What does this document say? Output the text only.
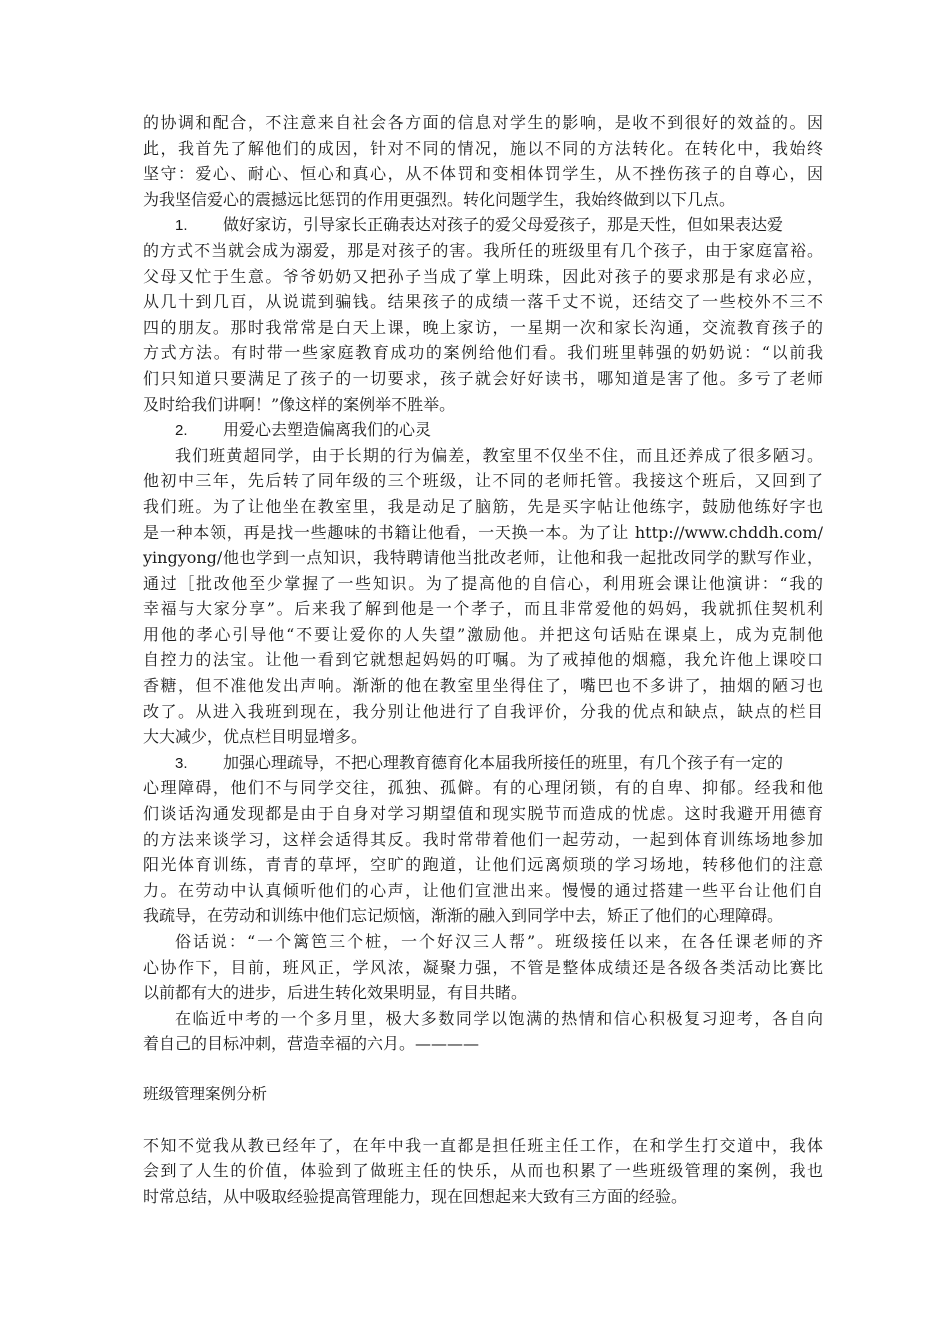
的协调和配合，不注意来自社会各方面的信息对学生的影响，是收不到很好的效益的。因
此，我首先了解他们的成因，针对不同的情况，施以不同的方法转化。在转化中，我始终
坚守：爱心、耐心、恒心和真心，从不体罚和变相体罚学生，从不挫伤孩子的自尊心，因
为我坚信爱心的震撼远比惩罚的作用更强烈。转化问题学生，我始终做到以下几点。
1. 做好家访，引导家长正确表达对孩子的爱父母爱孩子，那是天性，但如果表达爱
的方式不当就会成为溺爱，那是对孩子的害。我所任的班级里有几个孩子，由于家庭富裕。
父母又忙于生意。爷爷奶奶又把孙子当成了掌上明珠，因此对孩子的要求那是有求必应，
从几十到几百，从说谎到骗钱。结果孩子的成绩一落千丈不说，还结交了一些校外不三不
四的朋友。那时我常常是白天上课，晚上家访，一星期一次和家长沟通，交流教育孩子的
方式方法。有时带一些家庭教育成功的案例给他们看。我们班里韩强的奶奶说：“以前我
们只知道只要满足了孩子的一切要求，孩子就会好好读书，哪知道是害了他。多亏了老师
及时给我们讲啊！”像这样的案例举不胜举。
2. 用爱心去塑造偏离我们的心灵
我们班黄超同学，由于长期的行为偏差，教室里不仅坐不住，而且还养成了很多陋习。
他初中三年，先后转了同年级的三个班级，让不同的老师托管。我接这个班后，又回到了
我们班。为了让他坐在教室里，我是动足了脑筋，先是买字帖让他练字，鼓励他练好字也
是一种本领，再是找一些趣味的书籍让他看，一天换一本。为了让 http://www.chddh.com/
yingyong/他也学到一点知识，我特聘请他当批改老师，让他和我一起批改同学的默写作业，
通过［批改他至少掌握了一些知识。为了提高他的自信心，利用班会课让他演讲：“我的
幸福与大家分享”。后来我了解到他是一个孝子，而且非常爱他的妈妈，我就抓住契机利
用他的孝心引导他“不要让爱你的人失望”激励他。并把这句话贴在课桌上，成为克制他
自控力的法宝。让他一看到它就想起妈妈的叮嘱。为了戒掉他的烟瘾，我允许他上课咬口
香糖，但不准他发出声响。渐渐的他在教室里坐得住了，嘴巴也不多讲了，抽烟的陋习也
改了。从进入我班到现在，我分别让他进行了自我评价，分我的优点和缺点，缺点的栏目
大大减少，优点栏目明显增多。
3. 加强心理疏导，不把心理教育德育化本届我所接任的班里，有几个孩子有一定的
心理障碍，他们不与同学交往，孤独、孤僻。有的心理闭锁，有的自卑、抑郁。经我和他
们谈话沟通发现都是由于自身对学习期望值和现实脱节而造成的忧虑。这时我避开用德育
的方法来谈学习，这样会适得其反。我时常带着他们一起劳动，一起到体育训练场地参加
阳光体育训练，青青的草坪，空旷的跑道，让他们远离烦琐的学习场地，转移他们的注意
力。在劳动中认真倾听他们的心声，让他们宣泄出来。慢慢的通过搭建一些平台让他们自
我疏导，在劳动和训练中他们忘记烦恼，渐渐的融入到同学中去，矫正了他们的心理障碍。
俗话说：“一个篱笆三个桩，一个好汉三人帮”。班级接任以来，在各任课老师的齐
心协作下，目前，班风正，学风浓，凝聚力强，不管是整体成绩还是各级各类活动比赛比
以前都有大的进步，后进生转化效果明显，有目共睹。
在临近中考的一个多月里，极大多数同学以饱满的热情和信心积极复习迎考，各自向
着自己的目标冲刺，营造幸福的六月。————
班级管理案例分析
不知不觉我从教已经年了，在年中我一直都是担任班主任工作，在和学生打交道中，我体
会到了人生的价值，体验到了做班主任的快乐，从而也积累了一些班级管理的案例，我也
时常总结，从中吸取经验提高管理能力，现在回想起来大致有三方面的经验。
